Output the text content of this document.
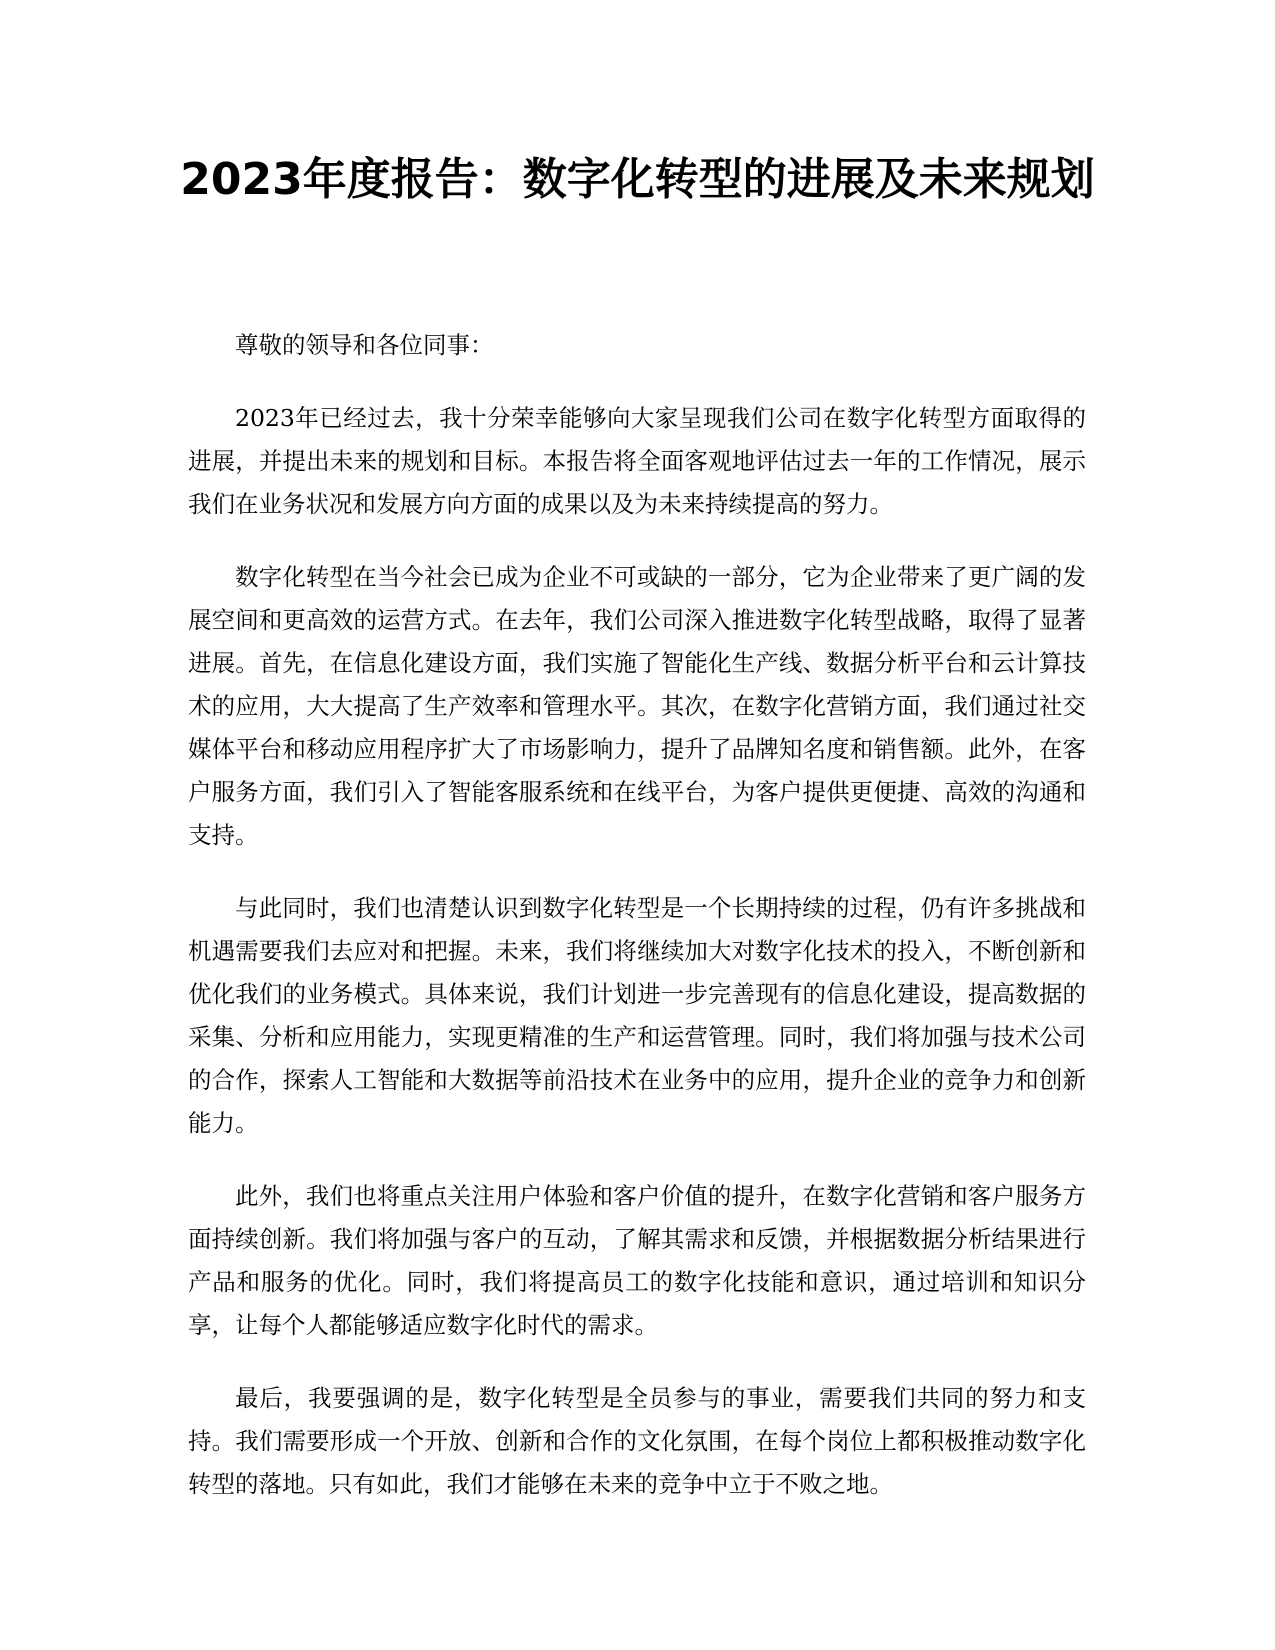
2023年度报告：数字化转型的进展及未来规划

尊敬的领导和各位同事：

2023年已经过去，我十分荣幸能够向大家呈现我们公司在数字化转型方面取得的进展，并提出未来的规划和目标。本报告将全面客观地评估过去一年的工作情况，展示我们在业务状况和发展方向方面的成果以及为未来持续提高的努力。

数字化转型在当今社会已成为企业不可或缺的一部分，它为企业带来了更广阔的发展空间和更高效的运营方式。在去年，我们公司深入推进数字化转型战略，取得了显著进展。首先，在信息化建设方面，我们实施了智能化生产线、数据分析平台和云计算技术的应用，大大提高了生产效率和管理水平。其次，在数字化营销方面，我们通过社交媒体平台和移动应用程序扩大了市场影响力，提升了品牌知名度和销售额。此外，在客户服务方面，我们引入了智能客服系统和在线平台，为客户提供更便捷、高效的沟通和支持。

与此同时，我们也清楚认识到数字化转型是一个长期持续的过程，仍有许多挑战和机遇需要我们去应对和把握。未来，我们将继续加大对数字化技术的投入，不断创新和优化我们的业务模式。具体来说，我们计划进一步完善现有的信息化建设，提高数据的采集、分析和应用能力，实现更精准的生产和运营管理。同时，我们将加强与技术公司的合作，探索人工智能和大数据等前沿技术在业务中的应用，提升企业的竞争力和创新能力。

此外，我们也将重点关注用户体验和客户价值的提升，在数字化营销和客户服务方面持续创新。我们将加强与客户的互动，了解其需求和反馈，并根据数据分析结果进行产品和服务的优化。同时，我们将提高员工的数字化技能和意识，通过培训和知识分享，让每个人都能够适应数字化时代的需求。

最后，我要强调的是，数字化转型是全员参与的事业，需要我们共同的努力和支持。我们需要形成一个开放、创新和合作的文化氛围，在每个岗位上都积极推动数字化转型的落地。只有如此，我们才能够在未来的竞争中立于不败之地。
